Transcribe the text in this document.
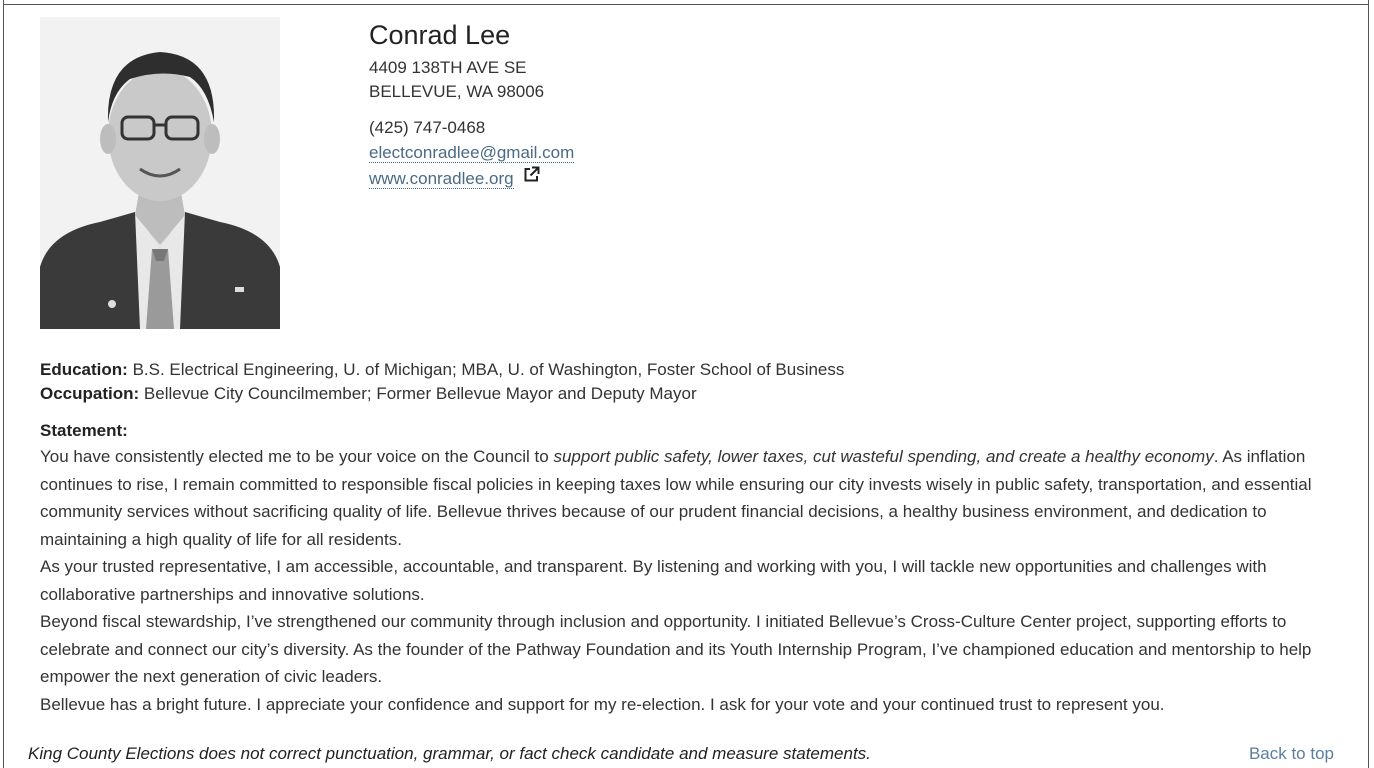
Conrad Lee
4409 138TH AVE SE
BELLEVUE, WA 98006
(425) 747-0468
electconradlee@gmail.com
www.conradlee.org
Education: B.S. Electrical Engineering, U. of Michigan; MBA, U. of Washington, Foster School of Business
Occupation: Bellevue City Councilmember; Former Bellevue Mayor and Deputy Mayor
Statement:

You have consistently elected me to be your voice on the Council to support public safety, lower taxes, cut wasteful spending, and create a healthy economy. As inflation continues to rise, I remain committed to responsible fiscal policies in keeping taxes low while ensuring our city invests wisely in public safety, transportation, and essential community services without sacrificing quality of life. Bellevue thrives because of our prudent financial decisions, a healthy business environment, and dedication to maintaining a high quality of life for all residents.

As your trusted representative, I am accessible, accountable, and transparent. By listening and working with you, I will tackle new opportunities and challenges with collaborative partnerships and innovative solutions.

Beyond fiscal stewardship, I’ve strengthened our community through inclusion and opportunity. I initiated Bellevue’s Cross-Culture Center project, supporting efforts to celebrate and connect our city’s diversity. As the founder of the Pathway Foundation and its Youth Internship Program, I’ve championed education and mentorship to help empower the next generation of civic leaders.

Bellevue has a bright future. I appreciate your confidence and support for my re-election. I ask for your vote and your continued trust to represent you.

King County Elections does not correct punctuation, grammar, or fact check candidate and measure statements.	Back to top
